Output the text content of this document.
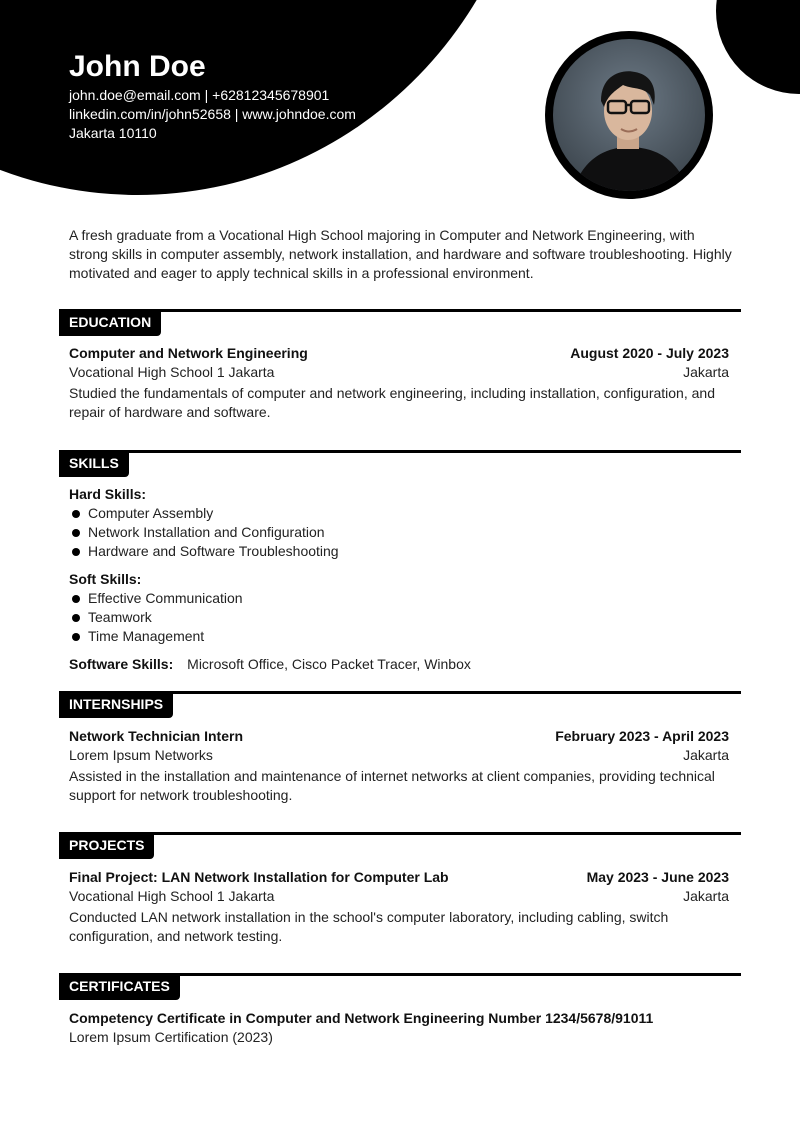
John Doe
john.doe@email.com | +62812345678901
linkedin.com/in/john52658 | www.johndoe.com
Jakarta 10110
A fresh graduate from a Vocational High School majoring in Computer and Network Engineering, with strong skills in computer assembly, network installation, and hardware and software troubleshooting. Highly motivated and eager to apply technical skills in a professional environment.
EDUCATION
Computer and Network Engineering	August 2020 - July 2023
Vocational High School 1 Jakarta	Jakarta
Studied the fundamentals of computer and network engineering, including installation, configuration, and repair of hardware and software.
SKILLS
Hard Skills:
Computer Assembly
Network Installation and Configuration
Hardware and Software Troubleshooting
Soft Skills:
Effective Communication
Teamwork
Time Management
Software Skills: Microsoft Office, Cisco Packet Tracer, Winbox
INTERNSHIPS
Network Technician Intern	February 2023 - April 2023
Lorem Ipsum Networks	Jakarta
Assisted in the installation and maintenance of internet networks at client companies, providing technical support for network troubleshooting.
PROJECTS
Final Project: LAN Network Installation for Computer Lab	May 2023 - June 2023
Vocational High School 1 Jakarta	Jakarta
Conducted LAN network installation in the school's computer laboratory, including cabling, switch configuration, and network testing.
CERTIFICATES
Competency Certificate in Computer and Network Engineering Number 1234/5678/91011
Lorem Ipsum Certification (2023)
